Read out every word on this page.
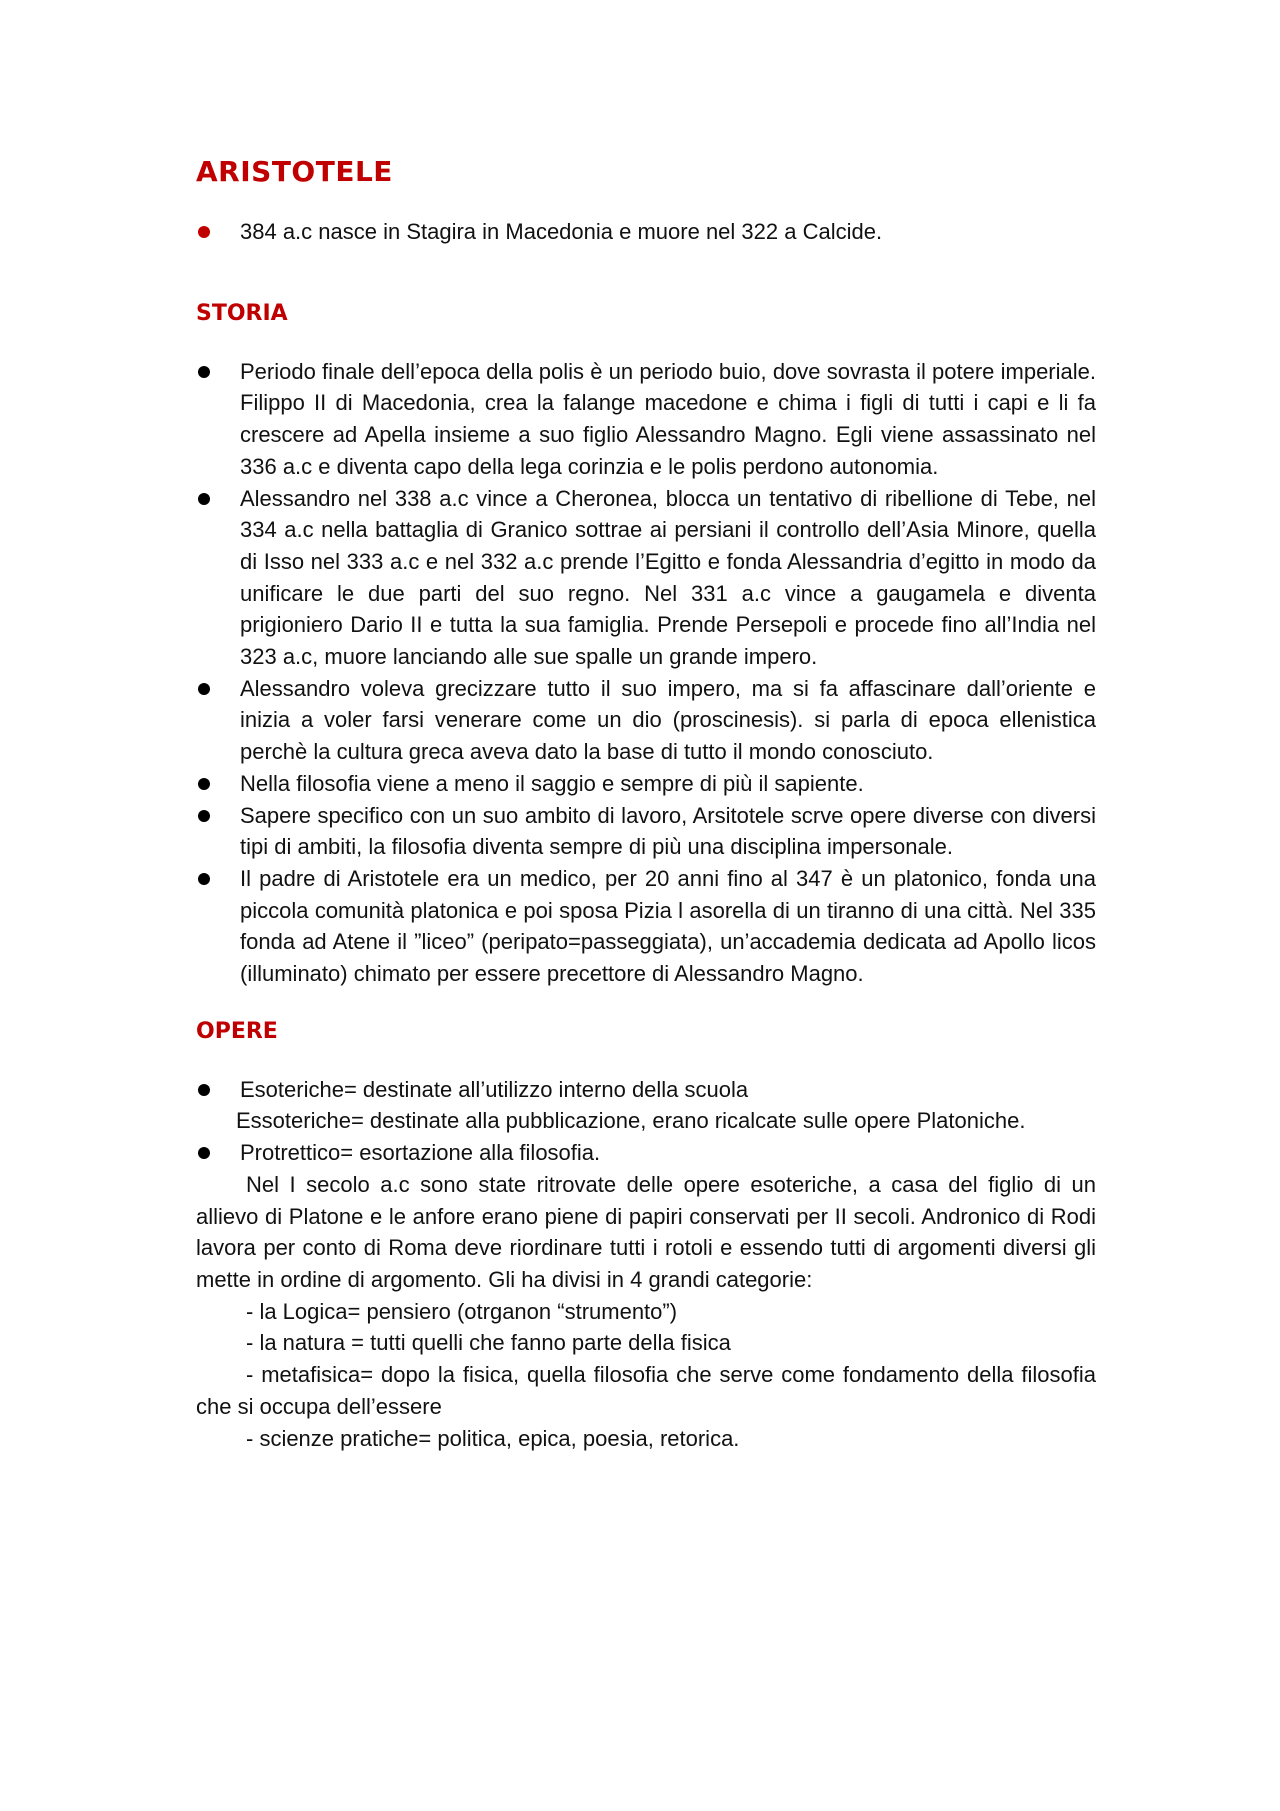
ARISTOTELE
384 a.c nasce in Stagira in Macedonia e muore nel 322 a Calcide.
STORIA
Periodo finale dell’epoca della polis è un periodo buio, dove sovrasta il potere imperiale. Filippo II di Macedonia, crea la falange macedone e chima i figli di tutti i capi e li fa crescere ad Apella insieme a suo figlio Alessandro Magno. Egli viene assassinato nel 336 a.c e diventa capo della lega corinzia e le polis perdono autonomia.
Alessandro nel 338 a.c vince a Cheronea, blocca un tentativo di ribellione di Tebe, nel 334 a.c nella battaglia di Granico sottrae ai persiani il controllo dell’Asia Minore, quella di Isso nel 333 a.c e nel 332 a.c prende l’Egitto e fonda Alessandria d’egitto in modo da unificare le due parti del suo regno. Nel 331 a.c vince a gaugamela e diventa prigioniero Dario II e tutta la sua famiglia. Prende Persepoli e procede fino all’India nel 323 a.c, muore lanciando alle sue spalle un grande impero.
Alessandro voleva grecizzare tutto il suo impero, ma si fa affascinare dall’oriente e inizia a voler farsi venerare come un dio (proscinesis). si parla di epoca ellenistica perchè la cultura greca aveva dato la base di tutto il mondo conosciuto.
Nella filosofia viene a meno il saggio e sempre di più il sapiente.
Sapere specifico con un suo ambito di lavoro, Arsitotele scrve opere diverse con diversi tipi di ambiti, la filosofia diventa sempre di più una disciplina impersonale.
Il padre di Aristotele era un medico, per 20 anni fino al 347 è un platonico, fonda una piccola comunità platonica e poi sposa Pizia l asorella di un tiranno di una città. Nel 335 fonda ad Atene il ”liceo” (peripato=passeggiata), un’accademia dedicata ad Apollo licos (illuminato) chimato per essere precettore di Alessandro Magno.
OPERE
Esoteriche= destinate all’utilizzo interno della scuola
Essoteriche= destinate alla pubblicazione, erano ricalcate sulle opere Platoniche.
Protrettico= esortazione alla filosofia.
Nel I secolo a.c sono state ritrovate delle opere esoteriche, a casa del figlio di un allievo di Platone e le anfore erano piene di papiri conservati per II secoli. Andronico di Rodi lavora per conto di Roma deve riordinare tutti i rotoli e essendo tutti di argomenti diversi gli mette in ordine di argomento. Gli ha divisi in 4 grandi categorie:
- la Logica= pensiero (otrganon “strumento”)
- la natura = tutti quelli che fanno parte della fisica
- metafisica= dopo la fisica, quella filosofia che serve come fondamento della filosofia che si occupa dell’essere
- scienze pratiche= politica, epica, poesia, retorica.
